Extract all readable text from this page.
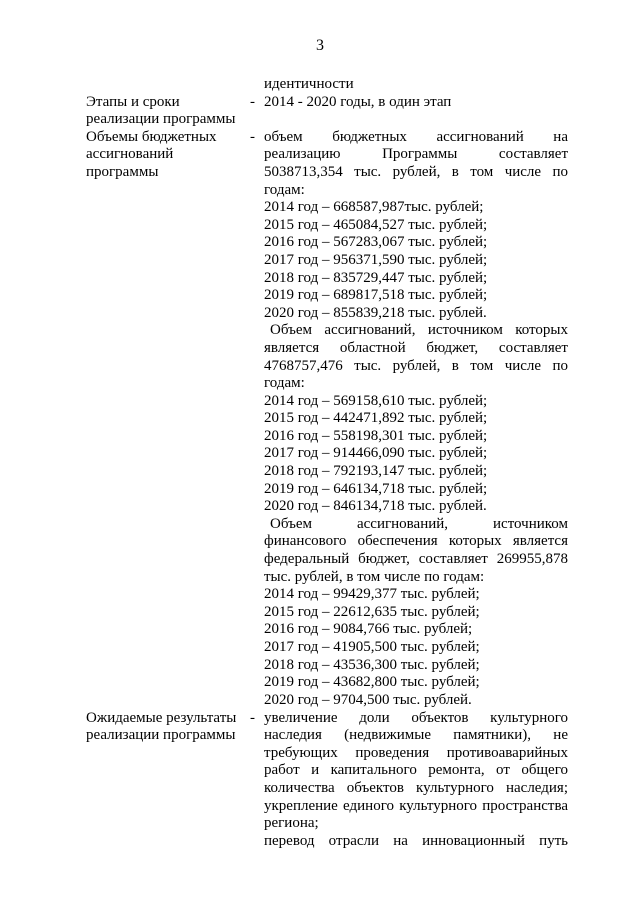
3
идентичности
Этапы и сроки
реализации программы
- 2014 - 2020 годы, в один этап
Объемы бюджетных
ассигнований
программы
- объем бюджетных ассигнований на
реализацию Программы составляет
5038713,354 тыс. рублей, в том числе по
годам:
2014 год – 668587,987тыс. рублей;
2015 год – 465084,527 тыс. рублей;
2016 год – 567283,067 тыс. рублей;
2017 год – 956371,590 тыс. рублей;
2018 год – 835729,447 тыс. рублей;
2019 год – 689817,518 тыс. рублей;
2020 год – 855839,218 тыс. рублей.
Объем ассигнований, источником которых
является областной бюджет, составляет
4768757,476 тыс. рублей, в том числе по
годам:
2014 год – 569158,610 тыс. рублей;
2015 год – 442471,892 тыс. рублей;
2016 год – 558198,301 тыс. рублей;
2017 год – 914466,090 тыс. рублей;
2018 год – 792193,147 тыс. рублей;
2019 год – 646134,718 тыс. рублей;
2020 год – 846134,718 тыс. рублей.
Объем ассигнований, источником
финансового обеспечения которых является
федеральный бюджет, составляет 269955,878
тыс. рублей, в том числе по годам:
2014 год – 99429,377 тыс. рублей;
2015 год – 22612,635 тыс. рублей;
2016 год – 9084,766 тыс. рублей;
2017 год – 41905,500 тыс. рублей;
2018 год – 43536,300 тыс. рублей;
2019 год – 43682,800 тыс. рублей;
2020 год – 9704,500 тыс. рублей.
Ожидаемые результаты
реализации программы
- увеличение доли объектов культурного
наследия (недвижимые памятники), не
требующих проведения противоаварийных
работ и капитального ремонта, от общего
количества объектов культурного наследия;
укрепление единого культурного пространства
региона;
перевод отрасли на инновационный путь
